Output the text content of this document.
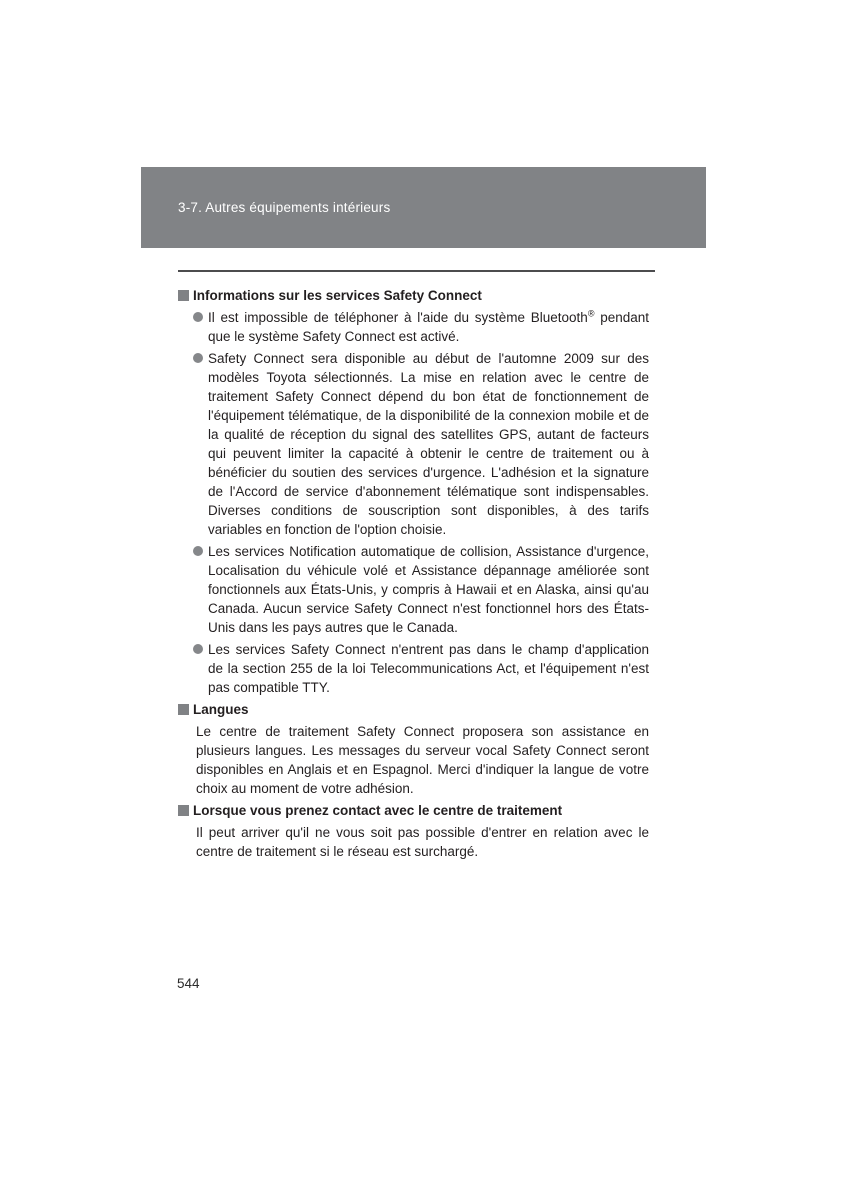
3-7. Autres équipements intérieurs
Informations sur les services Safety Connect
Il est impossible de téléphoner à l'aide du système Bluetooth® pendant que le système Safety Connect est activé.
Safety Connect sera disponible au début de l'automne 2009 sur des modèles Toyota sélectionnés. La mise en relation avec le centre de traitement Safety Connect dépend du bon état de fonctionnement de l'équipement télématique, de la disponibilité de la connexion mobile et de la qualité de réception du signal des satellites GPS, autant de facteurs qui peuvent limiter la capacité à obtenir le centre de traitement ou à bénéficier du soutien des services d'urgence. L'adhésion et la signature de l'Accord de service d'abonnement télématique sont indispensables. Diverses conditions de souscription sont disponibles, à des tarifs variables en fonction de l'option choisie.
Les services Notification automatique de collision, Assistance d'urgence, Localisation du véhicule volé et Assistance dépannage améliorée sont fonctionnels aux États-Unis, y compris à Hawaii et en Alaska, ainsi qu'au Canada. Aucun service Safety Connect n'est fonctionnel hors des États-Unis dans les pays autres que le Canada.
Les services Safety Connect n'entrent pas dans le champ d'application de la section 255 de la loi Telecommunications Act, et l'équipement n'est pas compatible TTY.
Langues
Le centre de traitement Safety Connect proposera son assistance en plusieurs langues. Les messages du serveur vocal Safety Connect seront disponibles en Anglais et en Espagnol. Merci d'indiquer la langue de votre choix au moment de votre adhésion.
Lorsque vous prenez contact avec le centre de traitement
Il peut arriver qu'il ne vous soit pas possible d'entrer en relation avec le centre de traitement si le réseau est surchargé.
544
